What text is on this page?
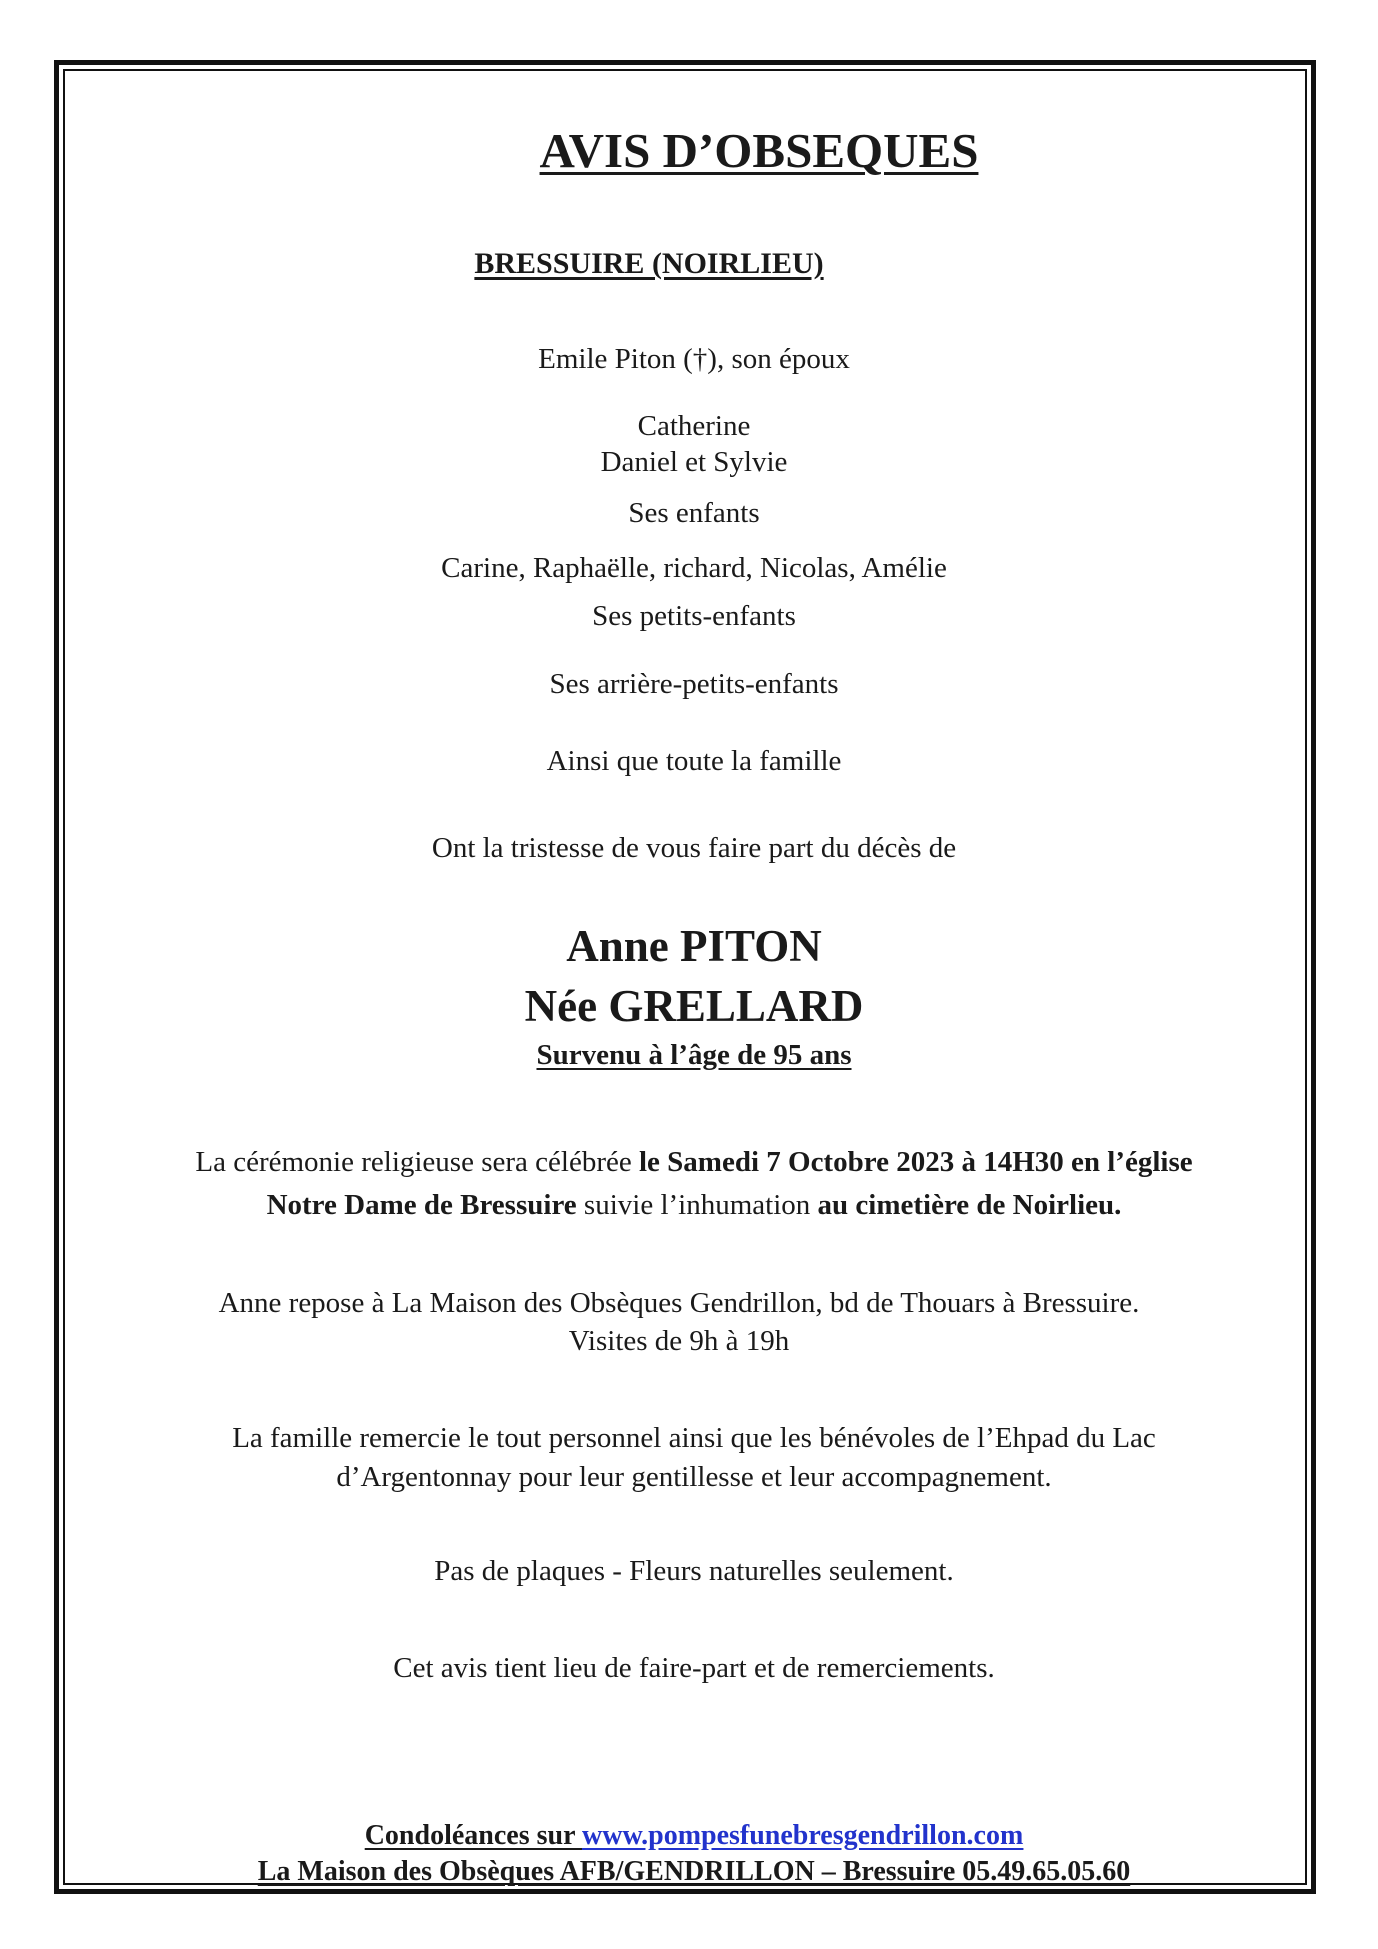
AVIS D’OBSEQUES
BRESSUIRE (NOIRLIEU)
Emile Piton (†), son époux
Catherine
Daniel et Sylvie
Ses enfants
Carine, Raphaëlle, richard, Nicolas, Amélie
Ses petits-enfants
Ses arrière-petits-enfants
Ainsi que toute la famille
Ont la tristesse de vous faire part du décès de
Anne PITON
Née GRELLARD
Survenu à l’âge de 95 ans
La cérémonie religieuse sera célébrée le Samedi 7 Octobre 2023 à 14H30 en l’église
Notre Dame de Bressuire suivie l’inhumation au cimetière de Noirlieu.
Anne repose à La Maison des Obsèques Gendrillon, bd de Thouars à Bressuire.
Visites de 9h à 19h
La famille remercie le tout personnel ainsi que les bénévoles de l’Ehpad du Lac
d’Argentonnay pour leur gentillesse et leur accompagnement.
Pas de plaques - Fleurs naturelles seulement.
Cet avis tient lieu de faire-part et de remerciements.
Condoléances sur www.pompesfunebresgendrillon.com
La Maison des Obsèques AFB/GENDRILLON – Bressuire 05.49.65.05.60
